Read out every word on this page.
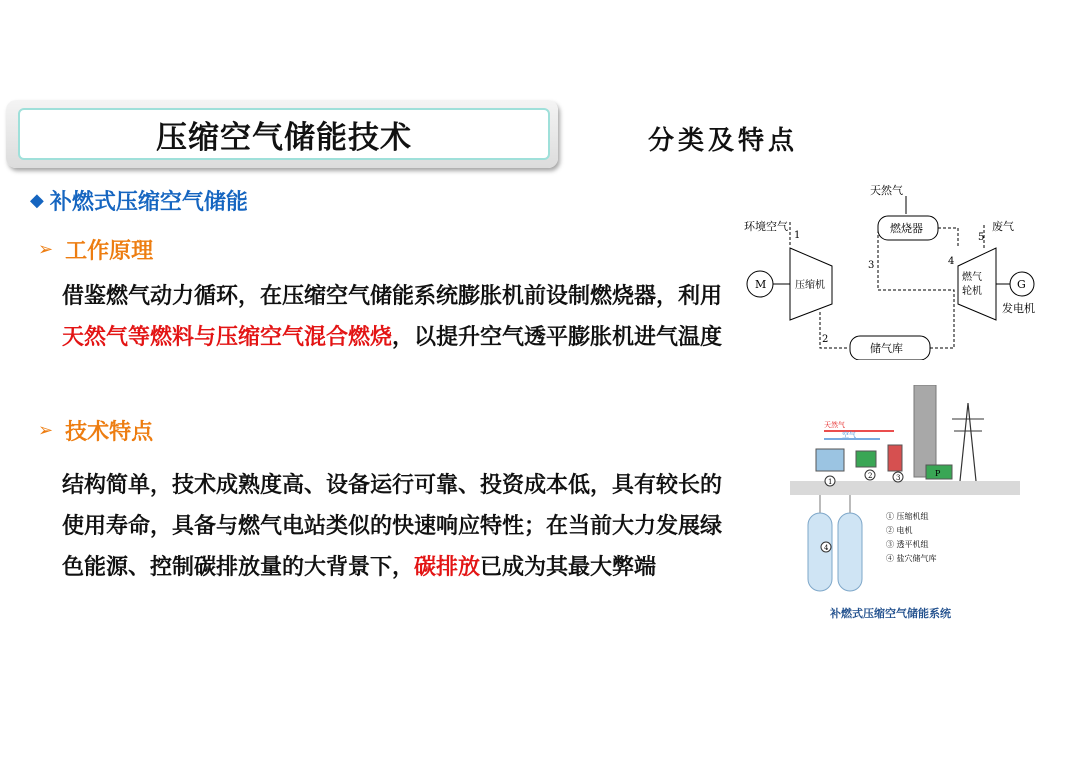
压缩空气储能技术	分类及特点
◆ 补燃式压缩空气储能
➢ 工作原理
借鉴燃气动力循环，在压缩空气储能系统膨胀机前设制燃烧器，利用天然气等燃料与压缩空气混合燃烧，以提升空气透平膨胀机进气温度
➢ 技术特点
结构简单，技术成熟度高、设备运行可靠、投资成本低，具有较长的使用寿命，具备与燃气电站类似的快速响应特性；在当前大力发展绿色能源、控制碳排放量的大背景下，碳排放已成为其最大弊端
天然气
燃烧器
环境空气
1
M	压缩机
2
储气库
3	4
燃气
轮机
5
废气
G
发电机
天然气
空气
P
1
2	3
4
① 压缩机组
② 电机
③ 透平机组
④ 盐穴储气库
补燃式压缩空气储能系统
